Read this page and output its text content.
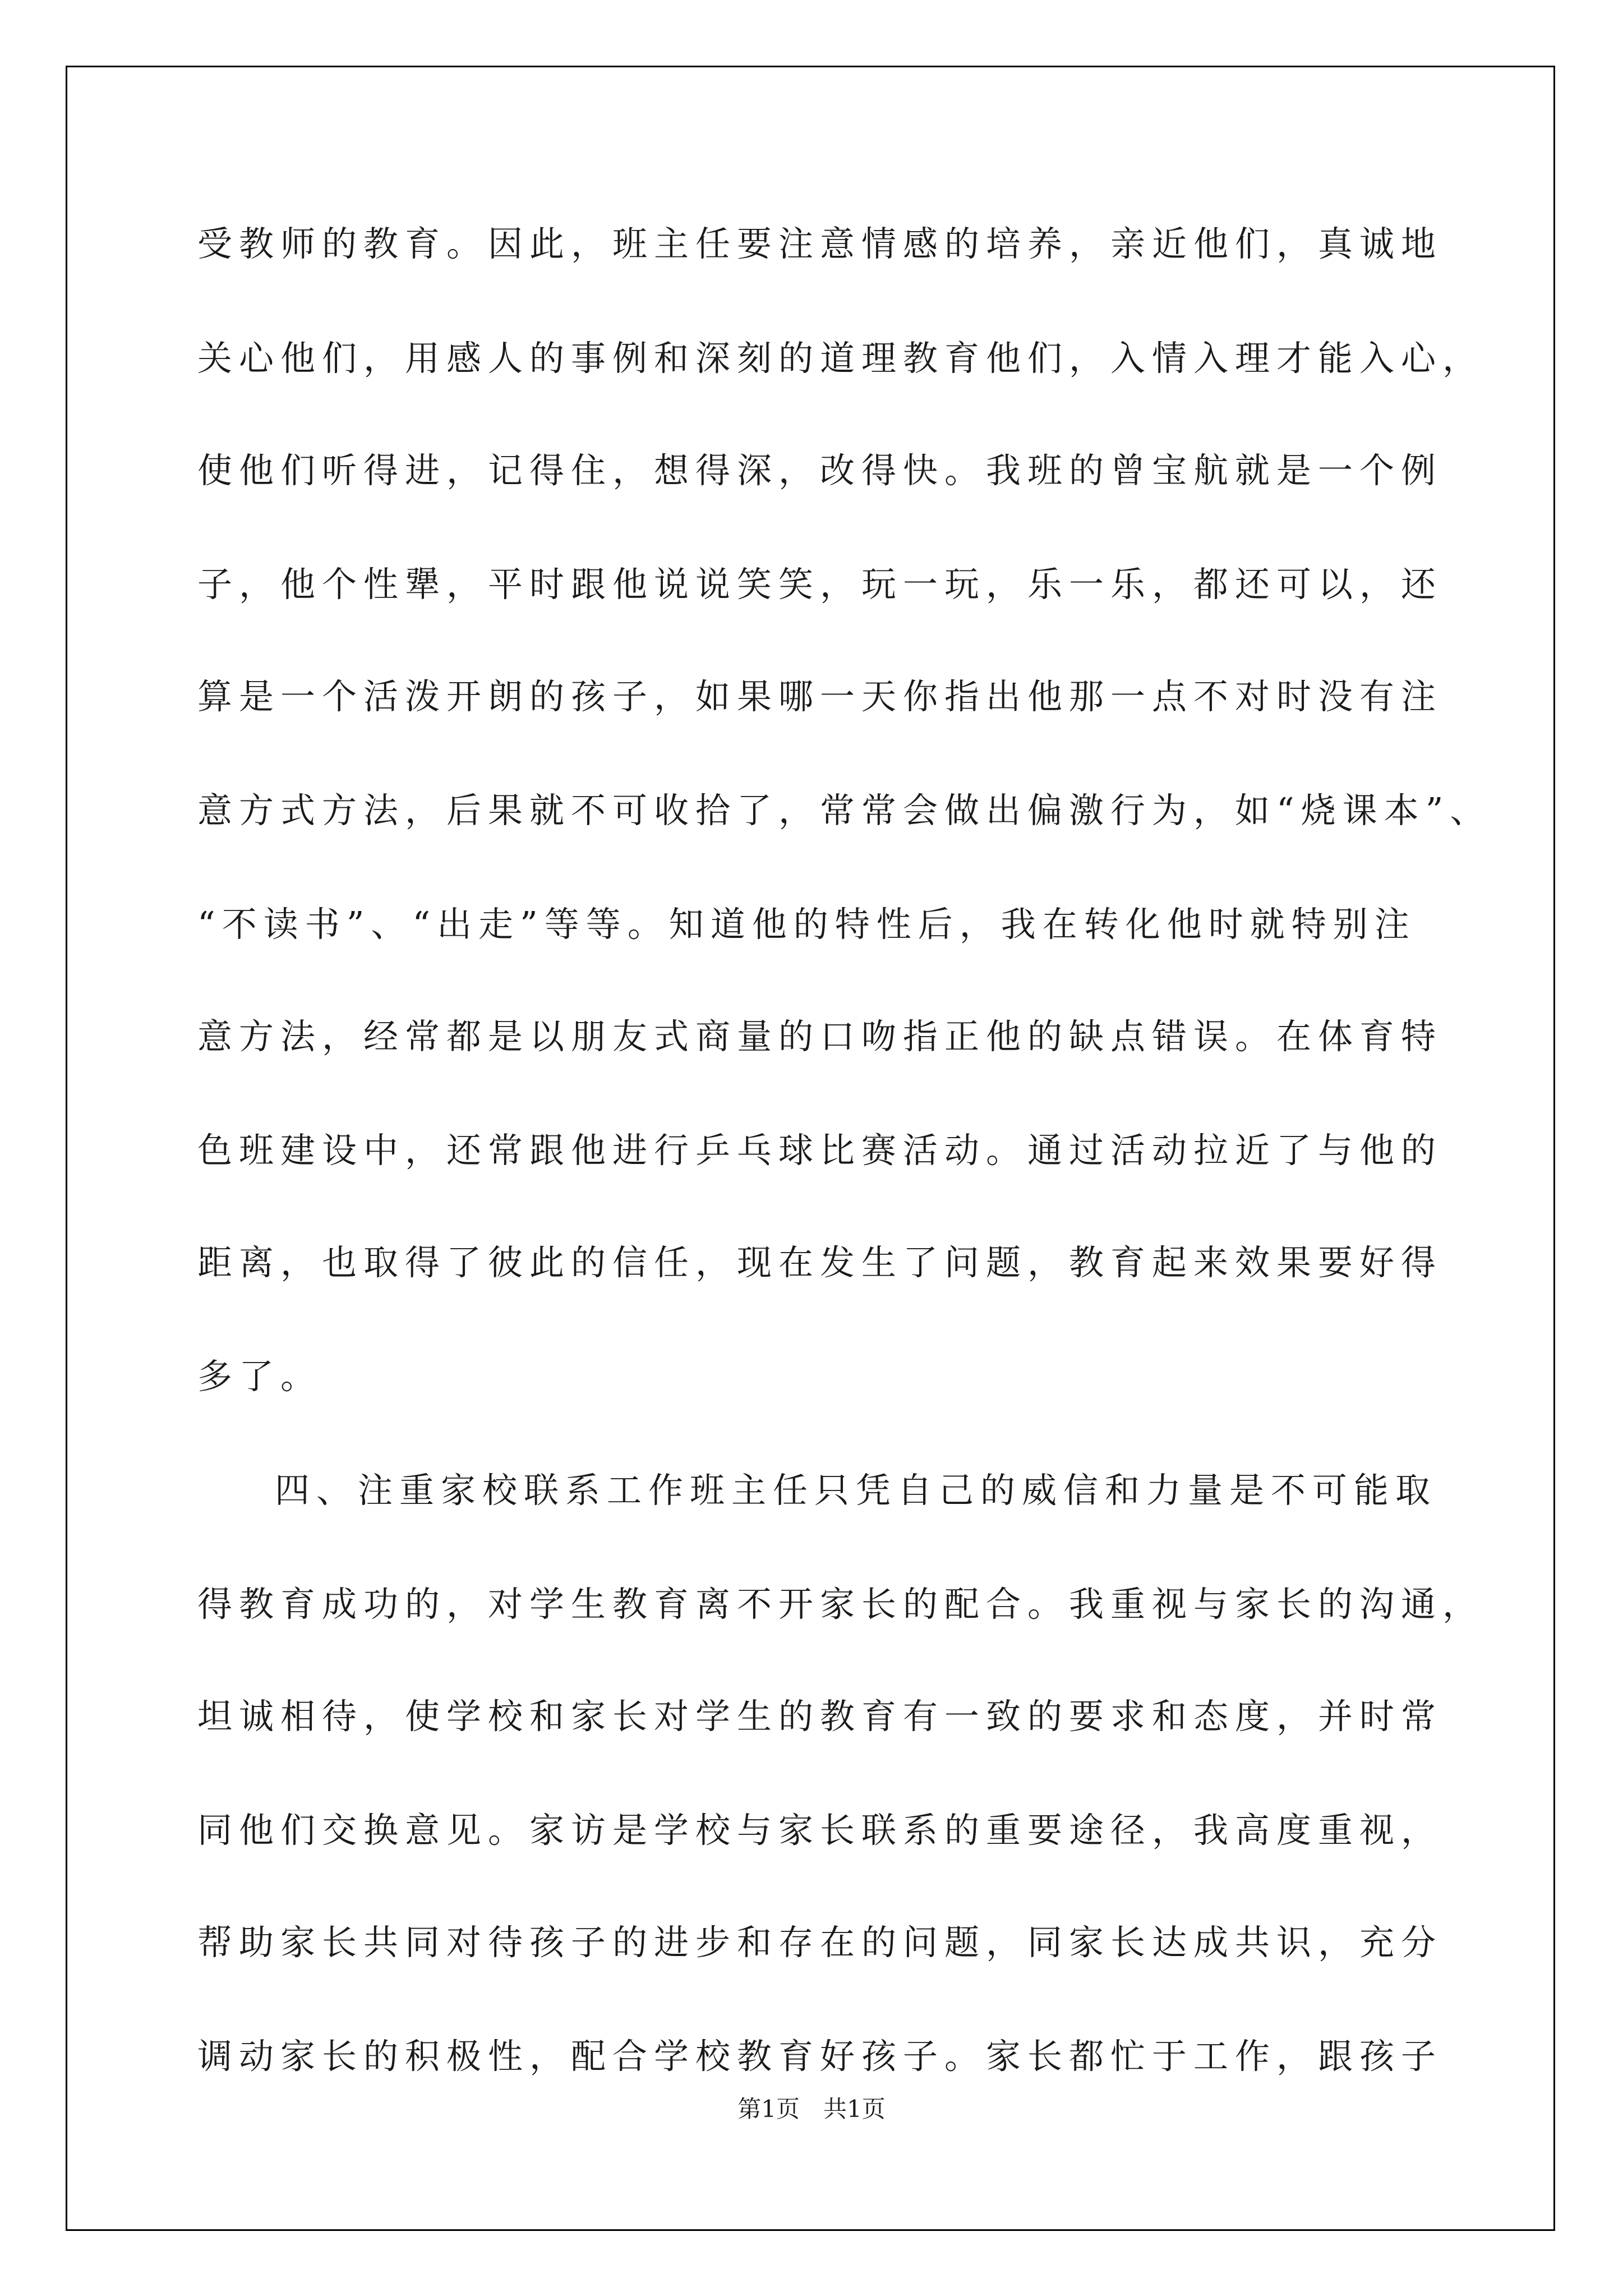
受教师的教育。因此，班主任要注意情感的培养，亲近他们，真诚地
关心他们，用感人的事例和深刻的道理教育他们，入情入理才能入心，
使他们听得进，记得住，想得深，改得快。我班的曾宝航就是一个例
子，他个性犟，平时跟他说说笑笑，玩一玩，乐一乐，都还可以，还
算是一个活泼开朗的孩子，如果哪一天你指出他那一点不对时没有注
意方式方法，后果就不可收拾了，常常会做出偏激行为，如“烧课本”、
“不读书”、“出走”等等。知道他的特性后，我在转化他时就特别注
意方法，经常都是以朋友式商量的口吻指正他的缺点错误。在体育特
色班建设中，还常跟他进行乒乓球比赛活动。通过活动拉近了与他的
距离，也取得了彼此的信任，现在发生了问题，教育起来效果要好得
多了。
四、注重家校联系工作班主任只凭自己的威信和力量是不可能取
得教育成功的，对学生教育离不开家长的配合。我重视与家长的沟通，
坦诚相待，使学校和家长对学生的教育有一致的要求和态度，并时常
同他们交换意见。家访是学校与家长联系的重要途径，我高度重视，
帮助家长共同对待孩子的进步和存在的问题，同家长达成共识，充分
调动家长的积极性，配合学校教育好孩子。家长都忙于工作，跟孩子
第1页　共1页
